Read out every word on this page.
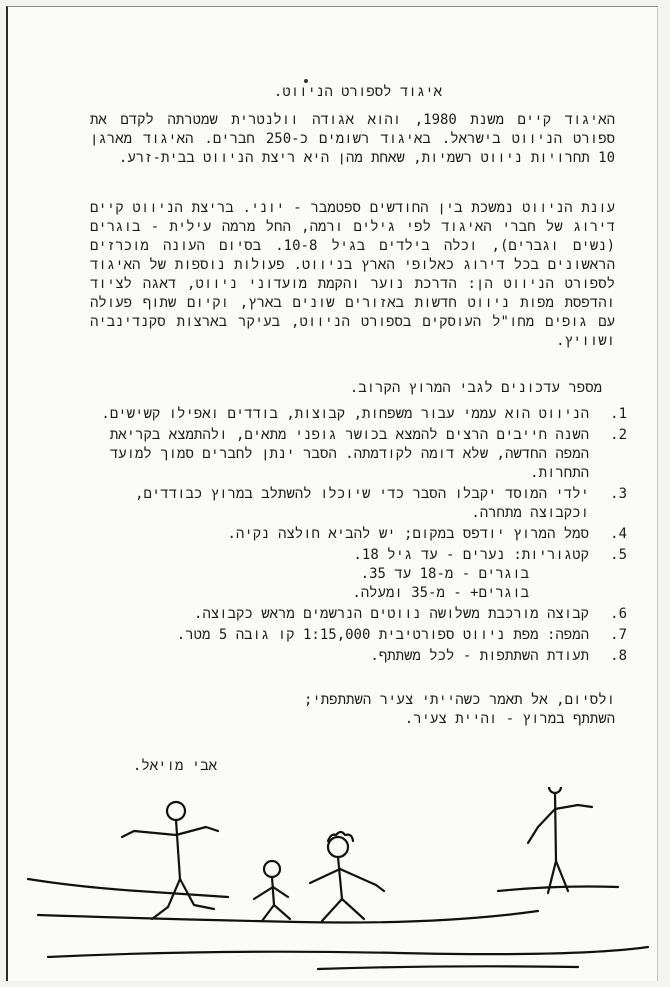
איגוד לספורט הניווט.
האיגוד קיים משנת 1980, והוא אגודה וולנטרית שמטרתה לקדם את ספורט הניווט בישראל. באיגוד רשומים כ-250 חברים. האיגוד מארגן 10 תחרויות ניווט רשמיות, שאחת מהן היא ריצת הניווט בבית-זרע.
עונת הניווט נמשכת בין החודשים ספטמבר - יוני. בריצת הניווט קיים דירוג של חברי האיגוד לפי גילים ורמה, החל מרמה עילית - בוגרים (נשים וגברים), וכלה בילדים בגיל 10-8. בסיום העונה מוכרזים הראשונים בכל דירוג כאלופי הארץ בניווט. פעולות נוספות של האיגוד לספורט הניווט הן: הדרכת נוער והקמת מועדוני ניווט, דאגה לציוד והדפסת מפות ניווט חדשות באזורים שונים בארץ, וקיום שתוף פעולה עם גופים מחו"ל העוסקים בספורט הניווט, בעיקר בארצות סקנדינביה ושוויץ.
מספר עדכונים לגבי המרוץ הקרוב.
1.
הניווט הוא עממי עבור משפחות, קבוצות, בודדים ואפילו קשישים.
2.
השנה חייבים הרצים להמצא בכושר גופני מתאים, ולהתמצא בקריאת המפה החדשה, שלא דומה לקודמתה. הסבר ינתן לחברים סמוך למועד התחרות.
3.
ילדי המוסד יקבלו הסבר כדי שיוכלו להשתלב במרוץ כבודדים, וכקבוצה מתחרה.
4.
סמל המרוץ יודפס במקום; יש להביא חולצה נקיה.
5.
קטגוריות: נערים - עד גיל 18.
בוגרים - מ-18 עד 35.
בוגרים+ - מ-35 ומעלה.
6.
קבוצה מורכבת משלושה נווטים הנרשמים מראש כקבוצה.
7.
המפה: מפת ניווט ספורטיבית 1:15,000 קו גובה 5 מטר.
8.
תעודת השתתפות - לכל משתתף.
ולסיום, אל תאמר כשהייתי צעיר השתתפתי;
השתתף במרוץ - והיית צעיר.
אבי מויאל.
